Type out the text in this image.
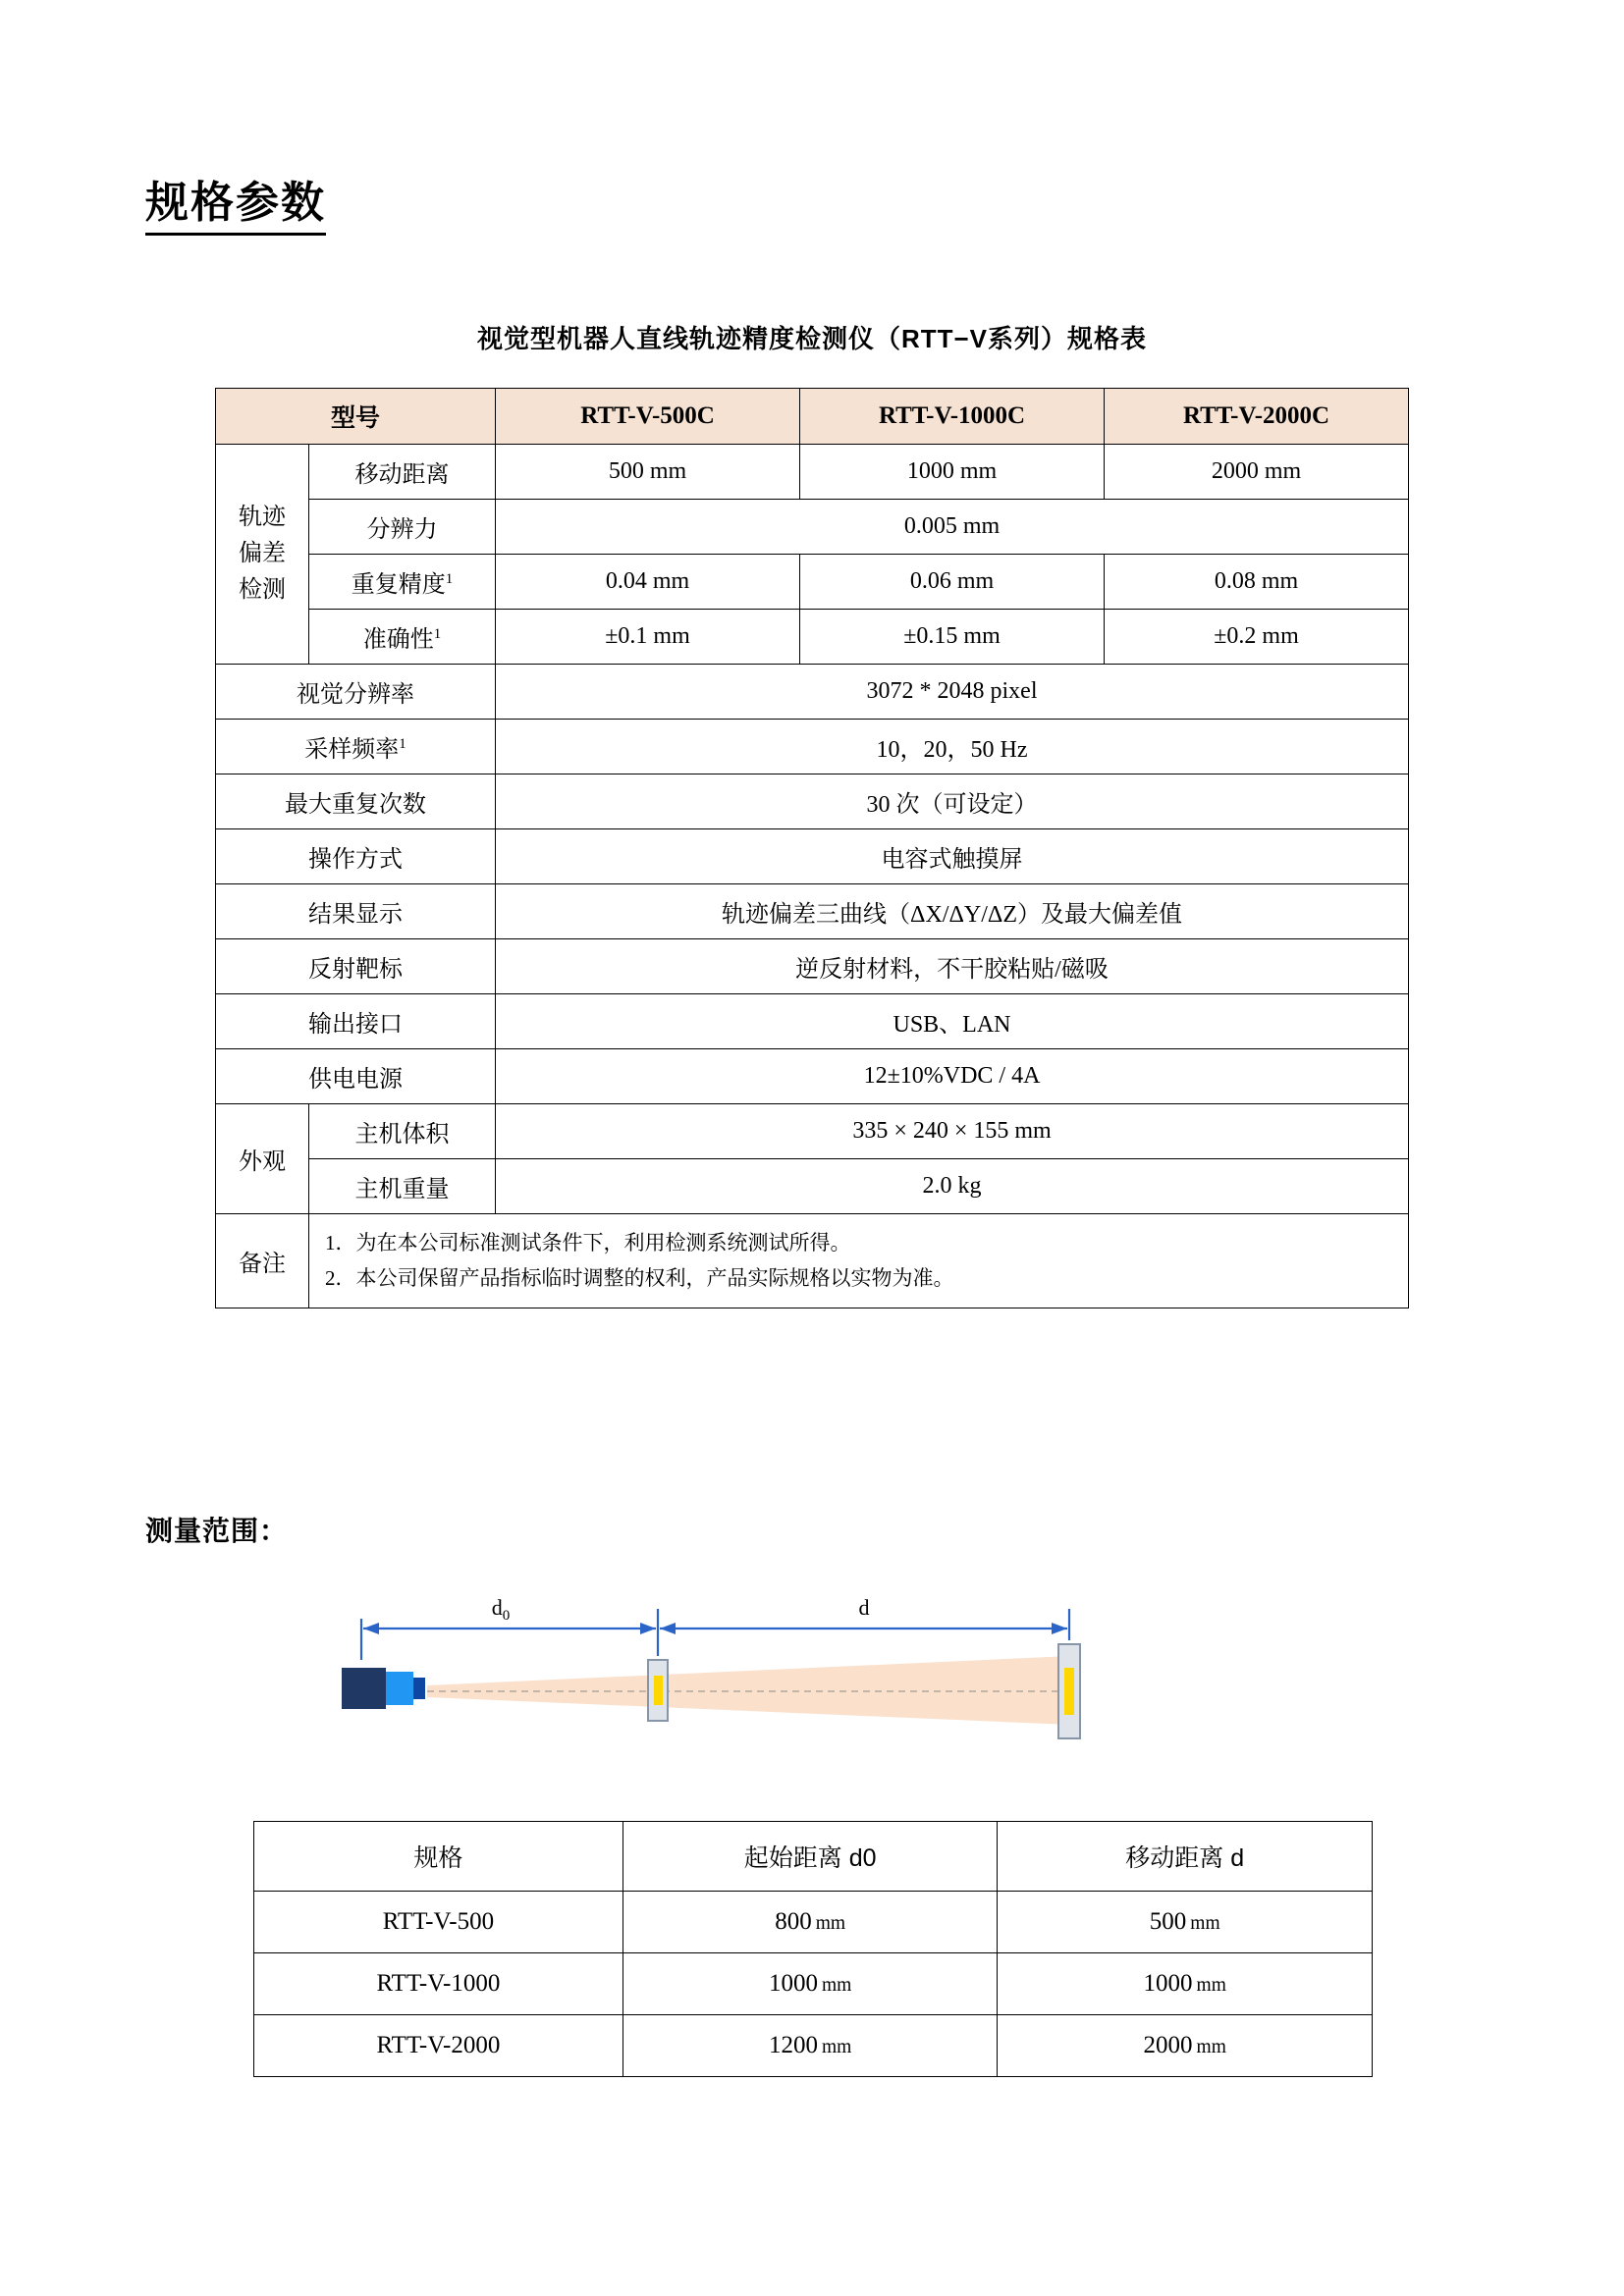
规格参数
视觉型机器人直线轨迹精度检测仪（RTT−V系列）规格表
型号		RTT-V-500C	RTT-V-1000C	RTT-V-2000C
轨迹
偏差
检测	移动距离	500 mm	1000 mm	2000 mm
	分辨力	0.005 mm		
	重复精度$^1$	0.04 mm	0.06 mm	0.08 mm
	准确性$^1$	±0.1 mm	±0.15 mm	±0.2 mm
视觉分辨率		3072 * 2048 pixel		
采样频率$^1$		10，20，50 Hz		
最大重复次数		30 次（可设定）		
操作方式		电容式触摸屏		
结果显示		轨迹偏差三曲线（ΔX/ΔY/ΔZ）及最大偏差值		
反射靶标		逆反射材料，不干胶粘贴/磁吸		
输出接口		USB、LAN		
供电电源		12±10%VDC / 4A		
外观	主机体积	335 × 240 × 155 mm		
	主机重量	2.0 kg		
备注	1．为在本公司标准测试条件下，利用检测系统测试所得。
2．本公司保留产品指标临时调整的权利，产品实际规格以实物为准。			
测量范围：
$d_0$	d
规格	起始距离 d0	移动距离 d
RTT-V-500	800 mm	500 mm
RTT-V-1000	1000 mm	1000 mm
RTT-V-2000	1200 mm	2000 mm
